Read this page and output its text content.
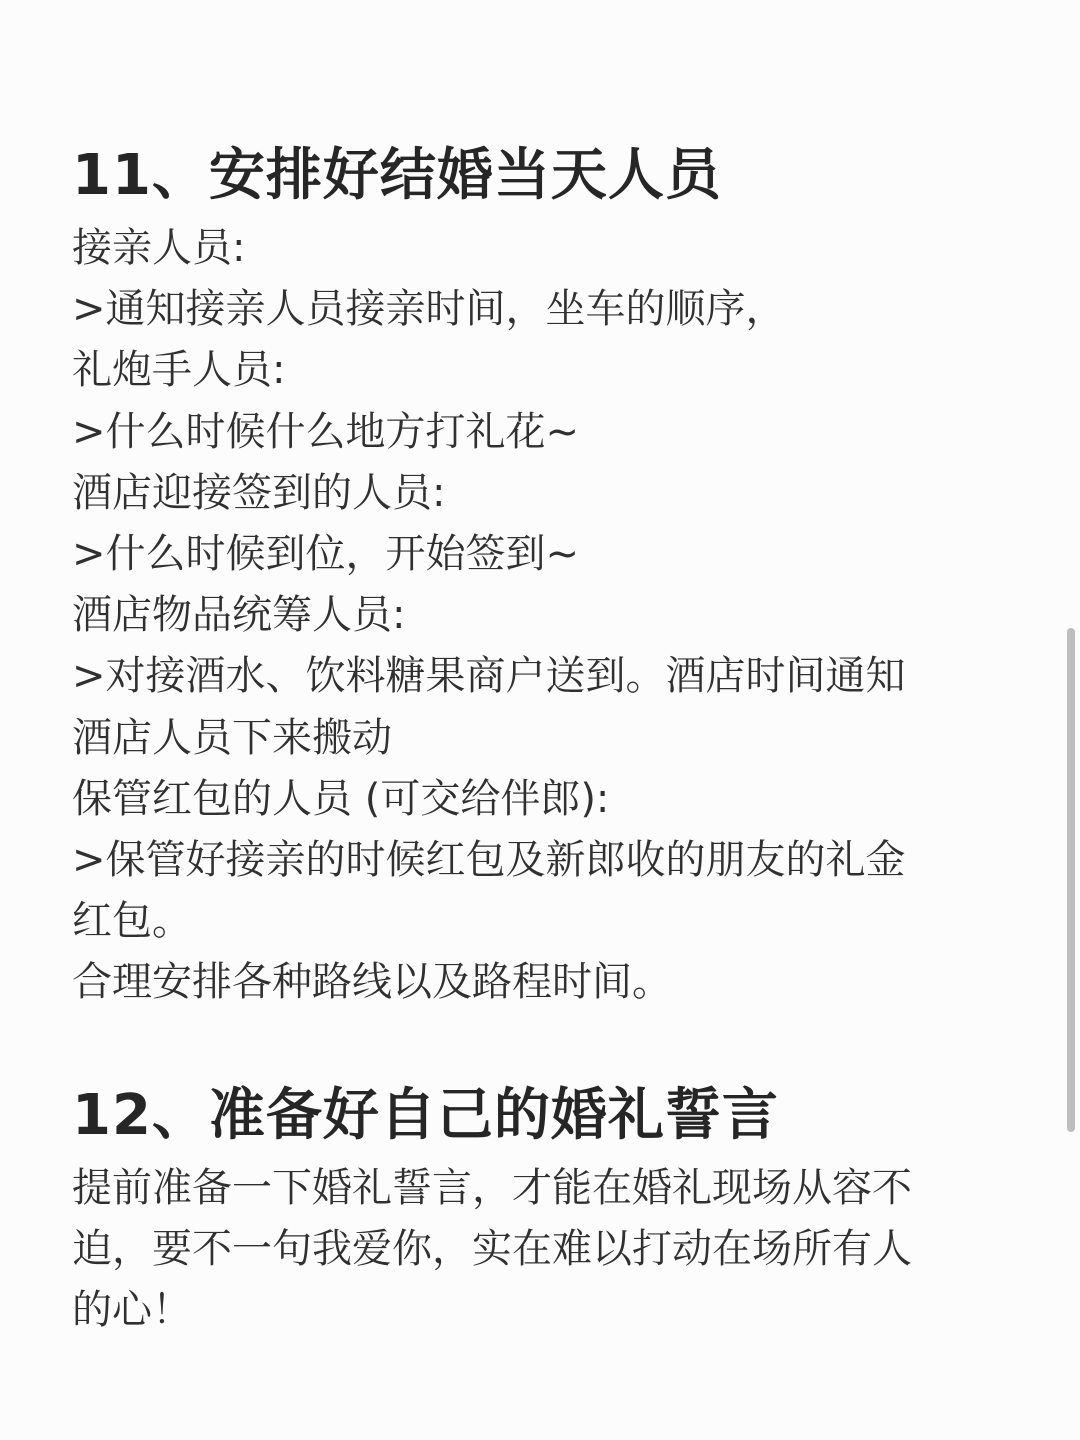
11、安排好结婚当天人员
接亲人员:
>通知接亲人员接亲时间，坐车的顺序，
礼炮手人员:
>什么时候什么地方打礼花~
酒店迎接签到的人员:
>什么时候到位，开始签到~
酒店物品统筹人员:
>对接酒水、饮料糖果商户送到。酒店时间通知
酒店人员下来搬动
保管红包的人员 (可交给伴郎):
>保管好接亲的时候红包及新郎收的朋友的礼金
红包。
合理安排各种路线以及路程时间。
12、准备好自己的婚礼誓言
提前准备一下婚礼誓言，才能在婚礼现场从容不
迫，要不一句我爱你，实在难以打动在场所有人
的心！
